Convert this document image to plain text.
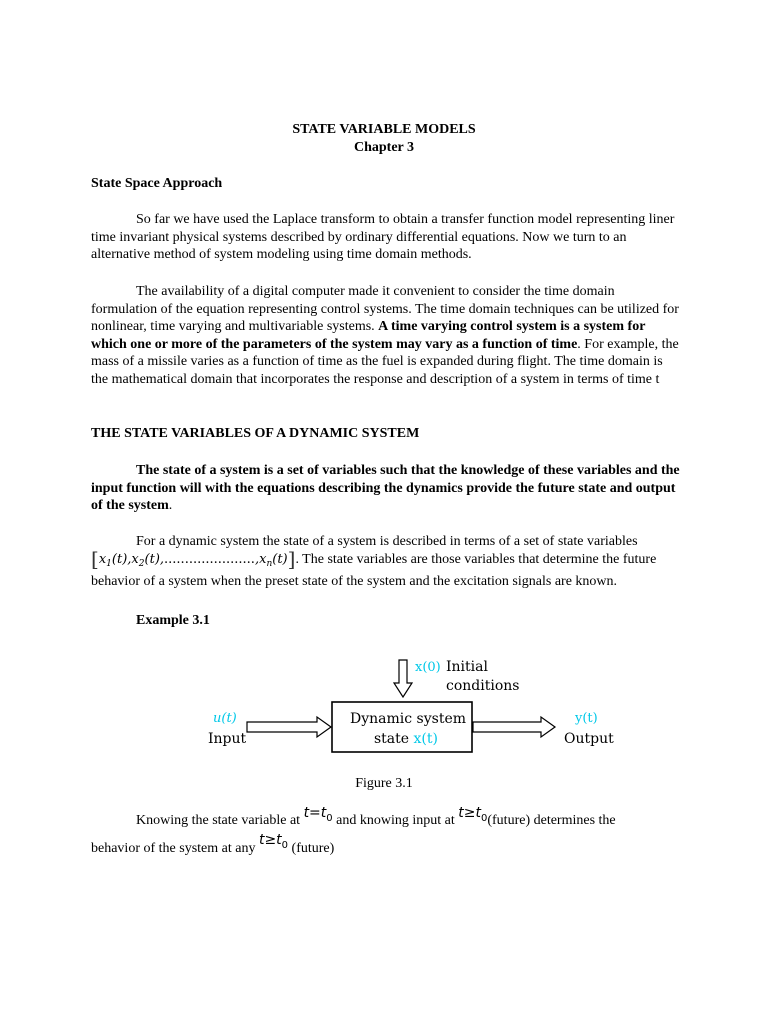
STATE VARIABLE MODELS
Chapter 3
State Space Approach

So far we have used the Laplace transform to obtain a transfer function model representing liner time invariant physical systems described by ordinary differential equations. Now we turn to an alternative method of system modeling using time domain methods.

The availability of a digital computer made it convenient to consider the time domain formulation of the equation representing control systems. The time domain techniques can be utilized for nonlinear, time varying and multivariable systems. A time varying control system is a system for which one or more of the parameters of the system may vary as a function of time. For example, the mass of a missile varies as a function of time as the fuel is expanded during flight. The time domain is the mathematical domain that incorporates the response and description of a system in terms of time t

THE STATE VARIABLES OF A DYNAMIC SYSTEM

The state of a system is a set of variables such that the knowledge of these variables and the input function will with the equations describing the dynamics provide the future state and output of the system.

For a dynamic system the state of a system is described in terms of a set of state variables
$[x_1(t),x_2(t),......................,x_n(t)]$. The state variables are those variables that determine the future behavior of a system when the preset state of the system and the excitation signals are known.

Example 3.1
x(0) Initial
conditions
u(t)
Input
Dynamic system
state x(t)
y(t)
Output
Figure 3.1
Knowing the state variable at $t=t_0$ and knowing input at $t\ge t_0(future)$ determines the
behavior of the system at any $t\ge t_0$ (future)
